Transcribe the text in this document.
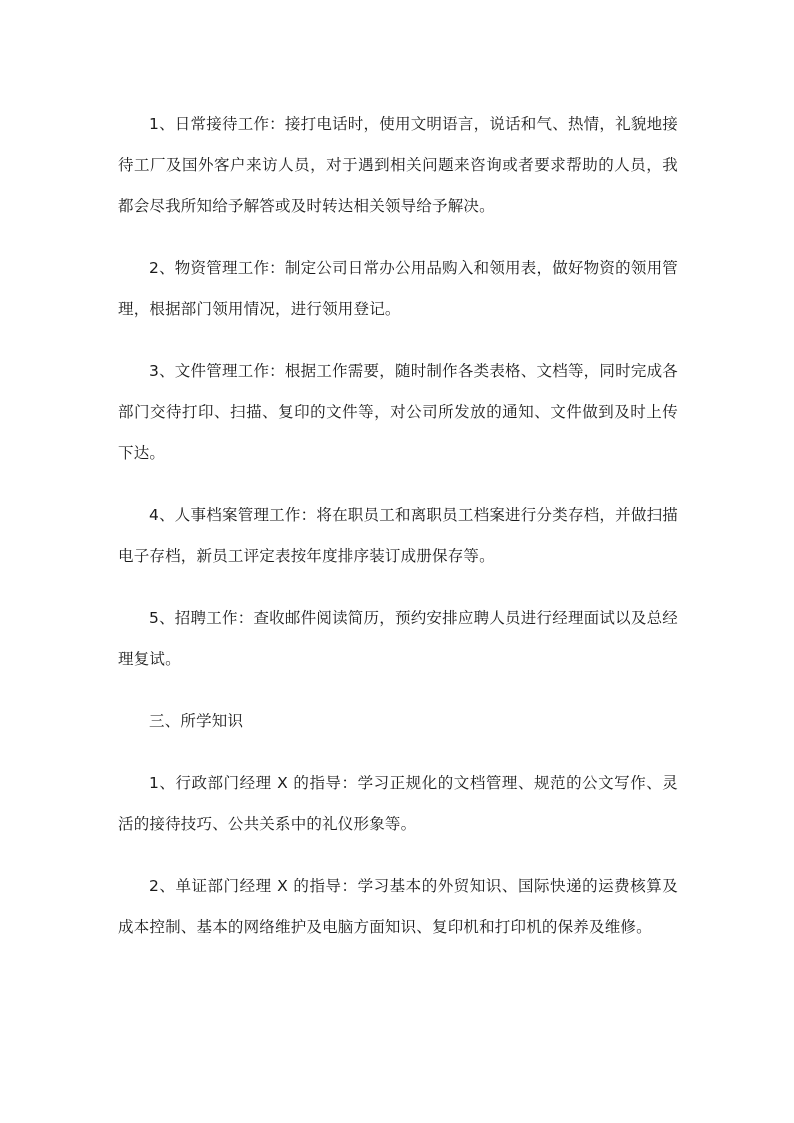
1、日常接待工作：接打电话时，使用文明语言，说话和气、热情，礼貌地接待工厂及国外客户来访人员，对于遇到相关问题来咨询或者要求帮助的人员，我都会尽我所知给予解答或及时转达相关领导给予解决。

2、物资管理工作：制定公司日常办公用品购入和领用表，做好物资的领用管理，根据部门领用情况，进行领用登记。

3、文件管理工作：根据工作需要，随时制作各类表格、文档等，同时完成各部门交待打印、扫描、复印的文件等，对公司所发放的通知、文件做到及时上传下达。

4、人事档案管理工作：将在职员工和离职员工档案进行分类存档，并做扫描电子存档，新员工评定表按年度排序装订成册保存等。

5、招聘工作：查收邮件阅读简历，预约安排应聘人员进行经理面试以及总经理复试。

三、所学知识

1、行政部门经理 X 的指导：学习正规化的文档管理、规范的公文写作、灵活的接待技巧、公共关系中的礼仪形象等。

2、单证部门经理 X 的指导：学习基本的外贸知识、国际快递的运费核算及成本控制、基本的网络维护及电脑方面知识、复印机和打印机的保养及维修。
